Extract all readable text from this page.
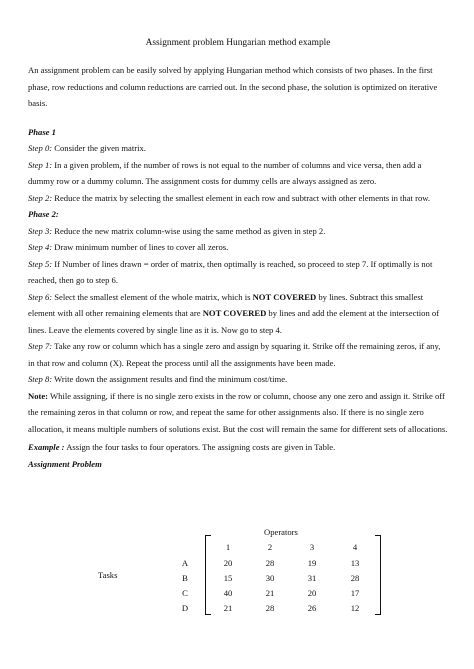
Assignment problem Hungarian method example

An assignment problem can be easily solved by applying Hungarian method which consists of two phases. In the first phase, row reductions and column reductions are carried out. In the second phase, the solution is optimized on iterative basis.

Phase 1

Step 0: Consider the given matrix.

Step 1: In a given problem, if the number of rows is not equal to the number of columns and vice versa, then add a dummy row or a dummy column. The assignment costs for dummy cells are always assigned as zero.

Step 2: Reduce the matrix by selecting the smallest element in each row and subtract with other elements in that row.

Phase 2:

Step 3: Reduce the new matrix column-wise using the same method as given in step 2.

Step 4: Draw minimum number of lines to cover all zeros.

Step 5: If Number of lines drawn = order of matrix, then optimally is reached, so proceed to step 7. If optimally is not reached, then go to step 6.

Step 6: Select the smallest element of the whole matrix, which is NOT COVERED by lines. Subtract this smallest element with all other remaining elements that are NOT COVERED by lines and add the element at the intersection of lines. Leave the elements covered by single line as it is. Now go to step 4.

Step 7: Take any row or column which has a single zero and assign by squaring it. Strike off the remaining zeros, if any, in that row and column (X). Repeat the process until all the assignments have been made.

Step 8: Write down the assignment results and find the minimum cost/time.

Note: While assigning, if there is no single zero exists in the row or column, choose any one zero and assign it. Strike off the remaining zeros in that column or row, and repeat the same for other assignments also. If there is no single zero allocation, it means multiple numbers of solutions exist. But the cost will remain the same for different sets of allocations.

Example : Assign the four tasks to four operators. The assigning costs are given in Table.

Assignment Problem

Operators
Tasks
1	2	3	4
A	20	28	19	13
B	15	30	31	28
C	40	21	20	17
D	21	28	26	12
